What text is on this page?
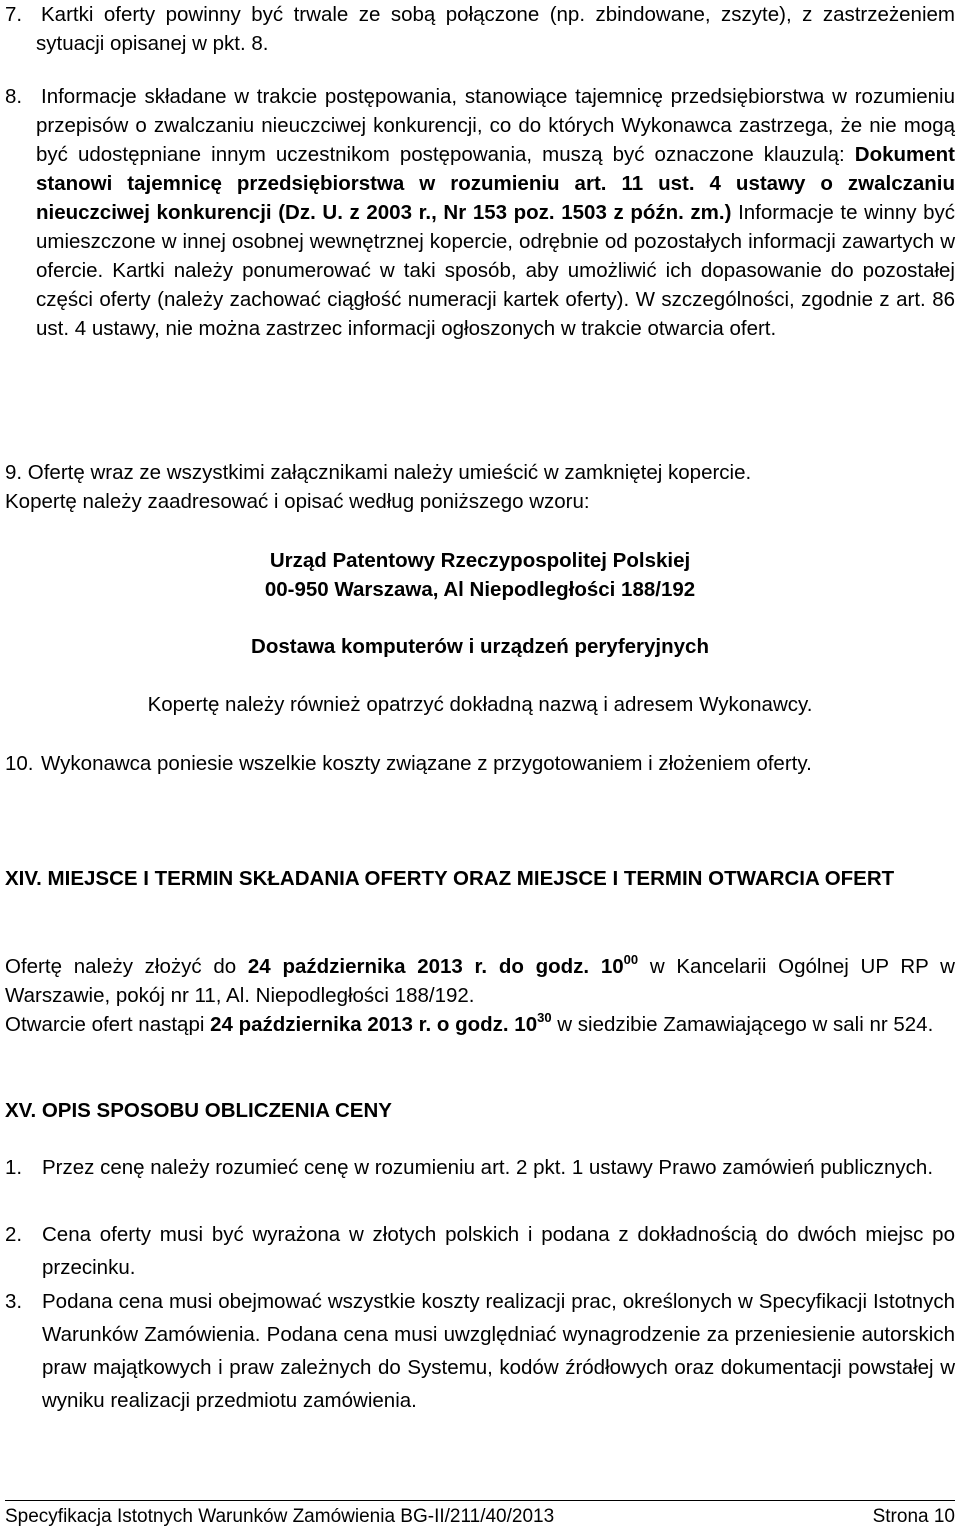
7. Kartki oferty powinny być trwale ze sobą połączone (np. zbindowane, zszyte), z zastrzeżeniem sytuacji opisanej w pkt. 8.

8. Informacje składane w trakcie postępowania, stanowiące tajemnicę przedsiębiorstwa w rozumieniu przepisów o zwalczaniu nieuczciwej konkurencji, co do których Wykonawca zastrzega, że nie mogą być udostępniane innym uczestnikom postępowania, muszą być oznaczone klauzulą: Dokument stanowi tajemnicę przedsiębiorstwa w rozumieniu art. 11 ust. 4 ustawy o zwalczaniu nieuczciwej konkurencji (Dz. U. z 2003 r., Nr 153 poz. 1503 z późn. zm.) Informacje te winny być umieszczone w innej osobnej wewnętrznej kopercie, odrębnie od pozostałych informacji zawartych w ofercie. Kartki należy ponumerować w taki sposób, aby umożliwić ich dopasowanie do pozostałej części oferty (należy zachować ciągłość numeracji kartek oferty). W szczególności, zgodnie z art. 86 ust. 4 ustawy, nie można zastrzec informacji ogłoszonych w trakcie otwarcia ofert.

9. Ofertę wraz ze wszystkimi załącznikami należy umieścić w zamkniętej kopercie.
Kopertę należy zaadresować i opisać według poniższego wzoru:

Urząd Patentowy Rzeczypospolitej Polskiej

00-950 Warszawa, Al Niepodległości 188/192

Dostawa komputerów i urządzeń peryferyjnych

Kopertę należy również opatrzyć dokładną nazwą i adresem Wykonawcy.

10. Wykonawca poniesie wszelkie koszty związane z przygotowaniem i złożeniem oferty.

XIV. MIEJSCE I TERMIN SKŁADANIA OFERTY ORAZ MIEJSCE I TERMIN OTWARCIA OFERT

Ofertę należy złożyć do 24 października 2013 r. do godz. $10^{00}$ w Kancelarii Ogólnej UP RP w Warszawie, pokój nr 11, Al. Niepodległości 188/192.

Otwarcie ofert nastąpi 24 października 2013 r. o godz. $10^{30}$ w siedzibie Zamawiającego w sali nr 524.

XV. OPIS SPOSOBU OBLICZENIA CENY

1. Przez cenę należy rozumieć cenę w rozumieniu art. 2 pkt. 1 ustawy Prawo zamówień publicznych.

2. Cena oferty musi być wyrażona w złotych polskich i podana z dokładnością do dwóch miejsc po przecinku.

3. Podana cena musi obejmować wszystkie koszty realizacji prac, określonych w Specyfikacji Istotnych Warunków Zamówienia. Podana cena musi uwzględniać wynagrodzenie za przeniesienie autorskich praw majątkowych i praw zależnych do Systemu, kodów źródłowych oraz dokumentacji powstałej w wyniku realizacji przedmiotu zamówienia.

Specyfikacja Istotnych Warunków Zamówienia BG-II/211/40/2013	Strona 10
